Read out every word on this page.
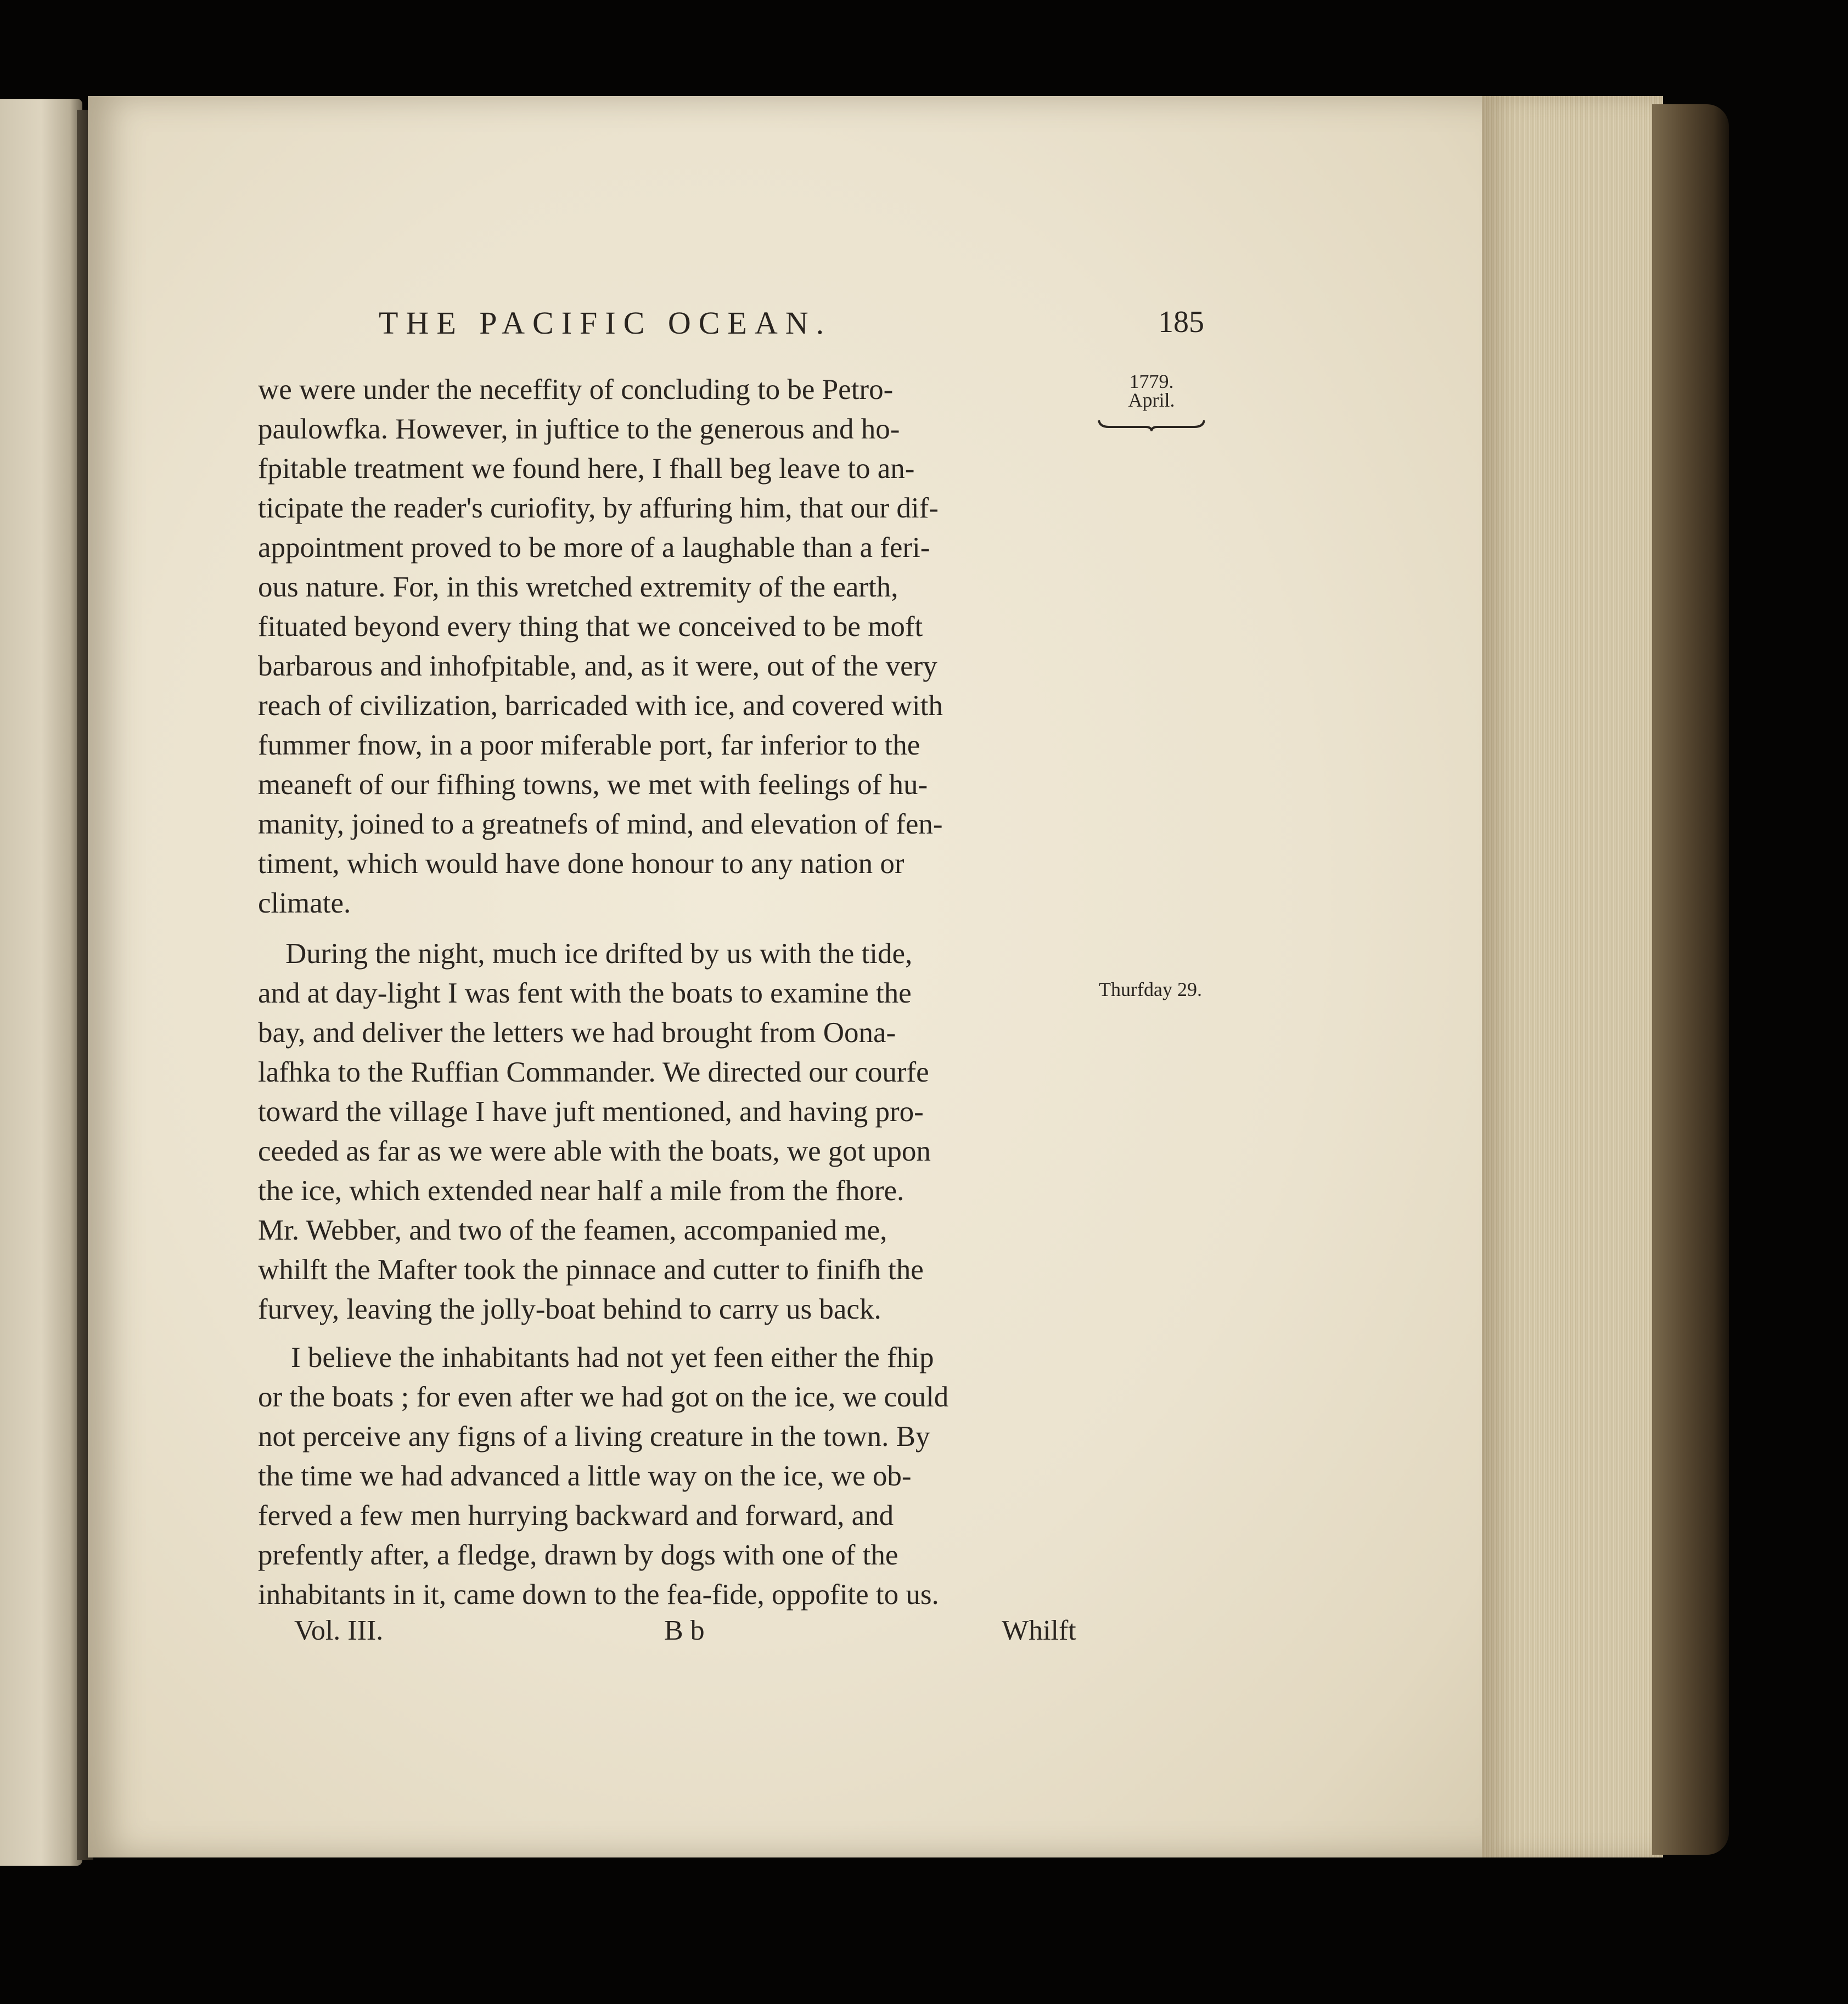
THE PACIFIC OCEAN.	185
1779.
April.
Thurfday 29.
we were under the neceffity of concluding to be Petro-
paulowfka. However, in juftice to the generous and ho-
fpitable treatment we found here, I fhall beg leave to an-
ticipate the reader's curiofity, by affuring him, that our dif-
appointment proved to be more of a laughable than a feri-
ous nature. For, in this wretched extremity of the earth,
fituated beyond every thing that we conceived to be moft
barbarous and inhofpitable, and, as it were, out of the very
reach of civilization, barricaded with ice, and covered with
fummer fnow, in a poor miferable port, far inferior to the
meaneft of our fifhing towns, we met with feelings of hu-
manity, joined to a greatnefs of mind, and elevation of fen-
timent, which would have done honour to any nation or
climate.
During the night, much ice drifted by us with the tide,
and at day-light I was fent with the boats to examine the
bay, and deliver the letters we had brought from Oona-
lafhka to the Ruffian Commander. We directed our courfe
toward the village I have juft mentioned, and having pro-
ceeded as far as we were able with the boats, we got upon
the ice, which extended near half a mile from the fhore.
Mr. Webber, and two of the feamen, accompanied me,
whilft the Mafter took the pinnace and cutter to finifh the
furvey, leaving the jolly-boat behind to carry us back.
I believe the inhabitants had not yet feen either the fhip
or the boats ; for even after we had got on the ice, we could
not perceive any figns of a living creature in the town. By
the time we had advanced a little way on the ice, we ob-
ferved a few men hurrying backward and forward, and
prefently after, a fledge, drawn by dogs with one of the
inhabitants in it, came down to the fea-fide, oppofite to us.
Vol. III.	B b	Whilft
